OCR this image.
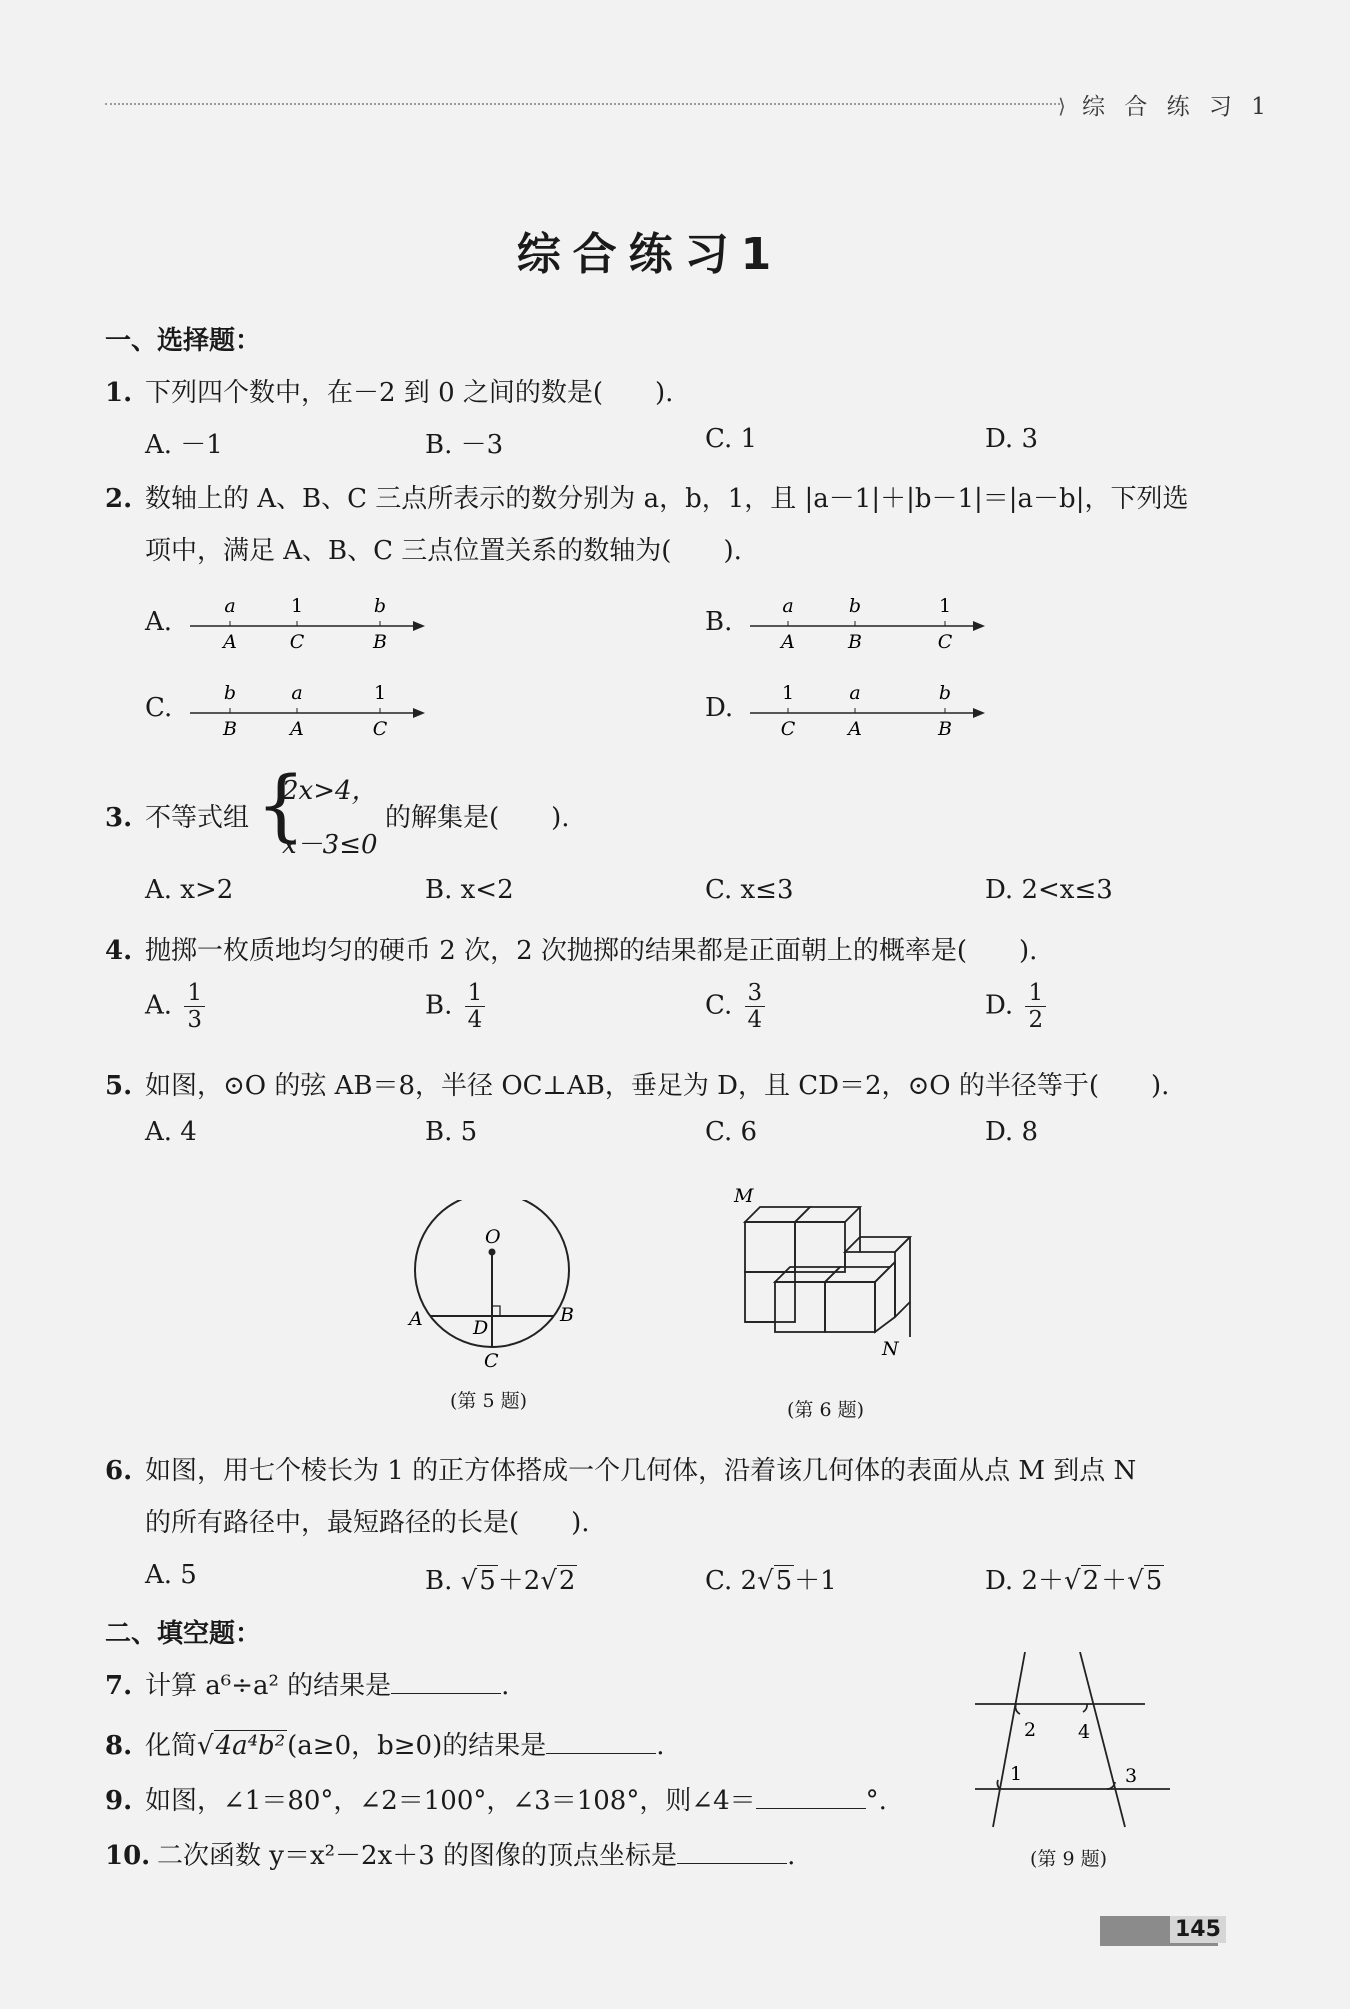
⟩ 综 合 练 习 1
综合练习1
一、选择题：
1. 下列四个数中，在－2 到 0 之间的数是(　　).
A. －1	B. －3	C. 1	D. 3
2. 数轴上的 A、B、C 三点所表示的数分别为 a，b，1，且 |a－1|＋|b－1|＝|a－b|，下列选
项中，满足 A、B、C 三点位置关系的数轴为(　　).
A.
a	1	b
A	C	B
B.
a	b	1
A	B	C
C.	b	a	1
B	A	C
D.	1	a	b
C	A	B
3. 不等式组 {
2x>4，
x－3≤0
的解集是(　　).
A. x>2	B. x<2	C. x≤3	D. 2<x≤3
4. 抛掷一枚质地均匀的硬币 2 次，2 次抛掷的结果都是正面朝上的概率是(　　).
A. $\frac{1}{3}$	B. $\frac{1}{4}$	C. $\frac{3}{4}$	D. $\frac{1}{2}$
5. 如图，⊙O 的弦 AB＝8，半径 OC⊥AB，垂足为 D，且 CD＝2，⊙O 的半径等于(　　).
A. 4	B. 5	C. 6	D. 8
O
A	B
D
C
(第 5 题)
M
N
(第 6 题)
6. 如图，用七个棱长为 1 的正方体搭成一个几何体，沿着该几何体的表面从点 M 到点 N
的所有路径中，最短路径的长是(　　).
A. 5	B. √5＋2√2	C. 2√5＋1	D. 2＋√2＋√5
二、填空题：
7. 计算 a⁶÷a² 的结果是	.
8. 化简√4a⁴b²(a≥0，b≥0)的结果是	.
9. 如图，∠1＝80°，∠2＝100°，∠3＝108°，则∠4＝	°.
10. 二次函数 y＝x²－2x＋3 的图像的顶点坐标是	.
2 4
1	3
(第 9 题)
145
